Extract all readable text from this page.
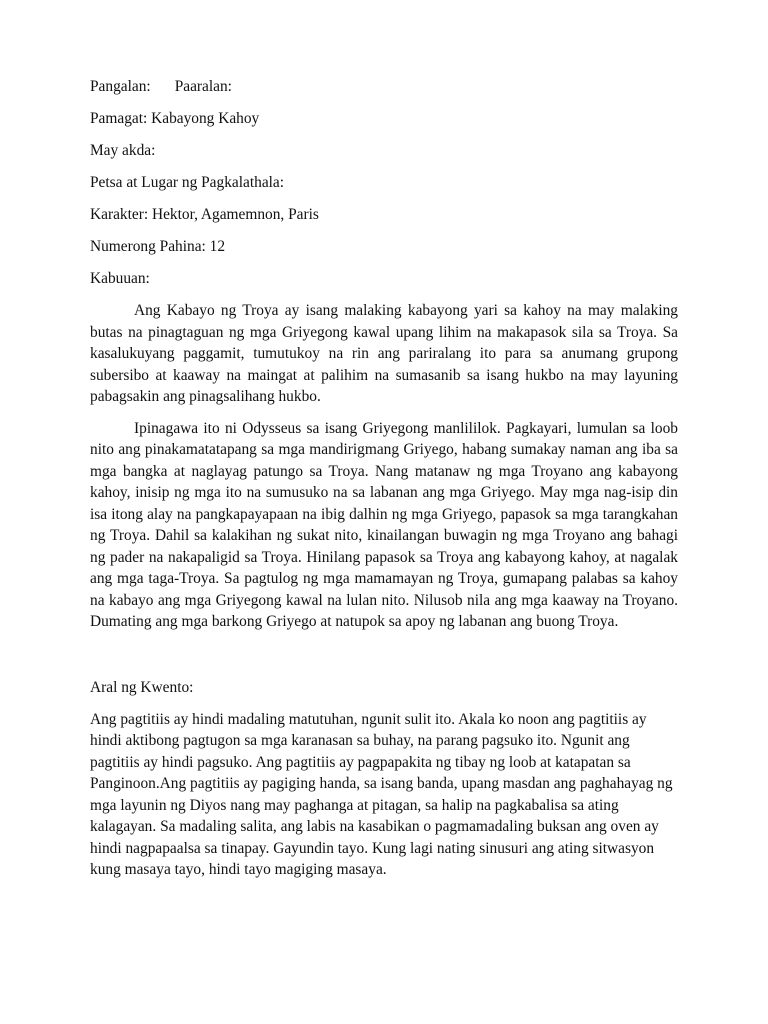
Pangalan: Paaralan:
Pamagat: Kabayong Kahoy
May akda:
Petsa at Lugar ng Pagkalathala:
Karakter: Hektor, Agamemnon, Paris
Numerong Pahina: 12
Kabuuan:

Ang Kabayo ng Troya ay isang malaking kabayong yari sa kahoy na may malaking butas na pinagtaguan ng mga Griyegong kawal upang lihim na makapasok sila sa Troya. Sa kasalukuyang paggamit, tumutukoy na rin ang pariralang ito para sa anumang grupong subersibo at kaaway na maingat at palihim na sumasanib sa isang hukbo na may layuning pabagsakin ang pinagsalihang hukbo.

Ipinagawa ito ni Odysseus sa isang Griyegong manlililok. Pagkayari, lumulan sa loob nito ang pinakamatatapang sa mga mandirigmang Griyego, habang sumakay naman ang iba sa mga bangka at naglayag patungo sa Troya. Nang matanaw ng mga Troyano ang kabayong kahoy, inisip ng mga ito na sumusuko na sa labanan ang mga Griyego. May mga nag-isip din isa itong alay na pangkapayapaan na ibig dalhin ng mga Griyego, papasok sa mga tarangkahan ng Troya. Dahil sa kalakihan ng sukat nito, kinailangan buwagin ng mga Troyano ang bahagi ng pader na nakapaligid sa Troya. Hinilang papasok sa Troya ang kabayong kahoy, at nagalak ang mga taga-Troya. Sa pagtulog ng mga mamamayan ng Troya, gumapang palabas sa kahoy na kabayo ang mga Griyegong kawal na lulan nito. Nilusob nila ang mga kaaway na Troyano. Dumating ang mga barkong Griyego at natupok sa apoy ng labanan ang buong Troya.

Aral ng Kwento:

Ang pagtitiis ay hindi madaling matutuhan, ngunit sulit ito. Akala ko noon ang pagtitiis ay hindi aktibong pagtugon sa mga karanasan sa buhay, na parang pagsuko ito. Ngunit ang pagtitiis ay hindi pagsuko. Ang pagtitiis ay pagpapakita ng tibay ng loob at katapatan sa Panginoon.Ang pagtitiis ay pagiging handa, sa isang banda, upang masdan ang paghahayag ng mga layunin ng Diyos nang may paghanga at pitagan, sa halip na pagkabalisa sa ating kalagayan. Sa madaling salita, ang labis na kasabikan o pagmamadaling buksan ang oven ay hindi nagpapaalsa sa tinapay. Gayundin tayo. Kung lagi nating sinusuri ang ating sitwasyon kung masaya tayo, hindi tayo magiging masaya.
